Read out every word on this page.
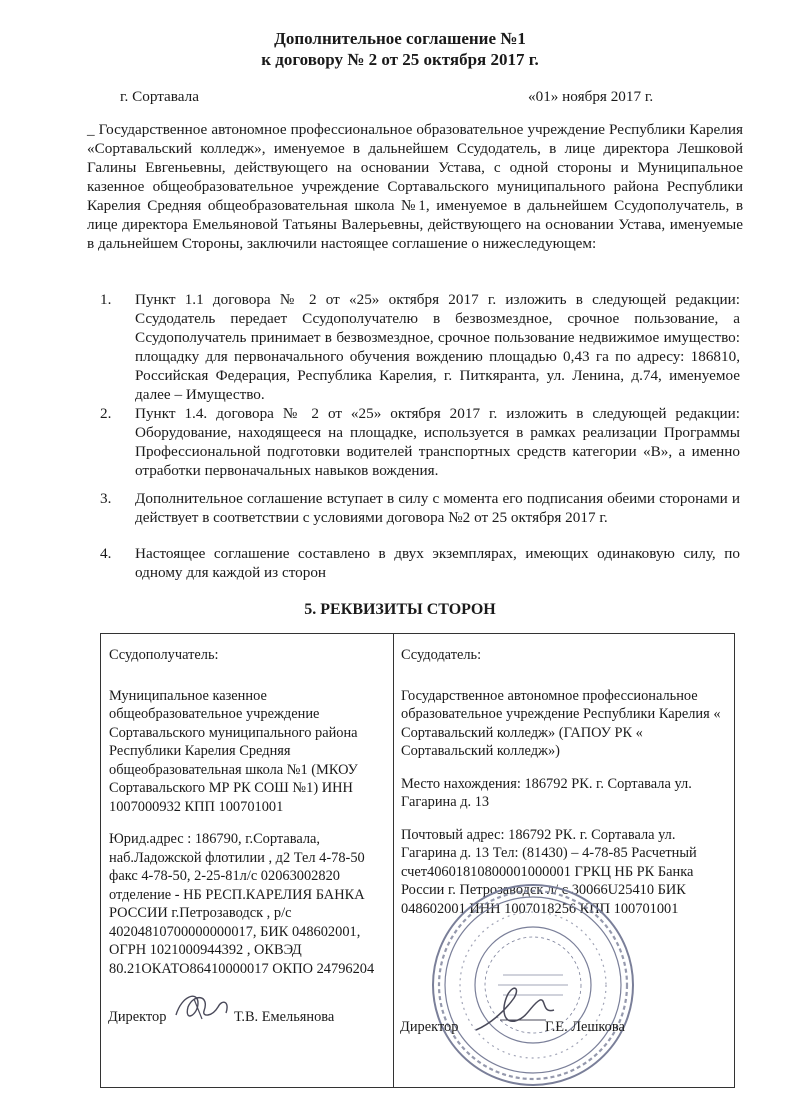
Дополнительное соглашение №1
к договору № 2 от 25 октября 2017 г.
г. Сортавала	«01» ноября 2017 г.

_ Государственное автономное профессиональное образовательное учреждение Республики Карелия «Сортавальский колледж», именуемое в дальнейшем Ссудодатель, в лице директора Лешковой Галины Евгеньевны, действующего на основании Устава, с одной стороны и Муниципальное казенное общеобразовательное учреждение Сортавальского муниципального района Республики Карелия Средняя общеобразовательная школа №1, именуемое в дальнейшем Ссудополучатель, в лице директора Емельяновой Татьяны Валерьевны, действующего на основании Устава, именуемые в дальнейшем Стороны, заключили настоящее соглашение о нижеследующем:

1.	Пункт 1.1 договора № 2 от «25» октября 2017 г. изложить в следующей редакции: Ссудодатель передает Ссудополучателю в безвозмездное, срочное пользование, а Ссудополучатель принимает в безвозмездное, срочное пользование недвижимое имущество: площадку для первоначального обучения вождению площадью 0,43 га по адресу: 186810, Российская Федерация, Республика Карелия, г. Питкяранта, ул. Ленина, д.74, именуемое далее – Имущество.
2.	Пункт 1.4. договора № 2 от «25» октября 2017 г. изложить в следующей редакции: Оборудование, находящееся на площадке, используется в рамках реализации Программы Профессиональной подготовки водителей транспортных средств категории «В», а именно отработки первоначальных навыков вождения.
3.	Дополнительное соглашение вступает в силу с момента его подписания обеими сторонами и действует в соответствии с условиями договора №2 от 25 октября 2017 г.
4.	Настоящее соглашение составлено в двух экземплярах, имеющих одинаковую силу, по одному для каждой из сторон
5. РЕКВИЗИТЫ СТОРОН
Ссудополучатель:
Муниципальное казенное общеобразовательное учреждение Сортавальского муниципального района Республики Карелия Средняя общеобразовательная школа №1 (МКОУ Сортавальского МР РК СОШ №1) ИНН 1007000932 КПП 100701001
Юрид.адрес : 186790, г.Сортавала, наб.Ладожской флотилии , д2 Тел 4-78-50 факс 4-78-50, 2-25-81л/с 02063002820 отделение - НБ РЕСП.КАРЕЛИЯ БАНКА РОССИИ г.Петрозаводск , р/с 40204810700000000017, БИК 048602001, ОГРН 1021000944392 , ОКВЭД 80.21ОКАТО86410000017 ОКПО 24796204
Ссудодатель:
Государственное автономное профессиональное образовательное учреждение Республики Карелия « Сортавальский колледж» (ГАПОУ РК « Сортавальский колледж»)
Место нахождения: 186792 РК. г. Сортавала ул. Гагарина д. 13
Почтовый адрес: 186792 РК. г. Сортавала ул. Гагарина д. 13 Тел: (81430) – 4-78-85 Расчетный счет40601810800001000001 ГРКЦ НБ РК Банка России г. Петрозаводск л/ с 30066U25410 БИК 048602001 ИНН 1007018256 КПП 100701001
Директор	Т.В. Емельянова
Директор	Г.Е. Лешкова
